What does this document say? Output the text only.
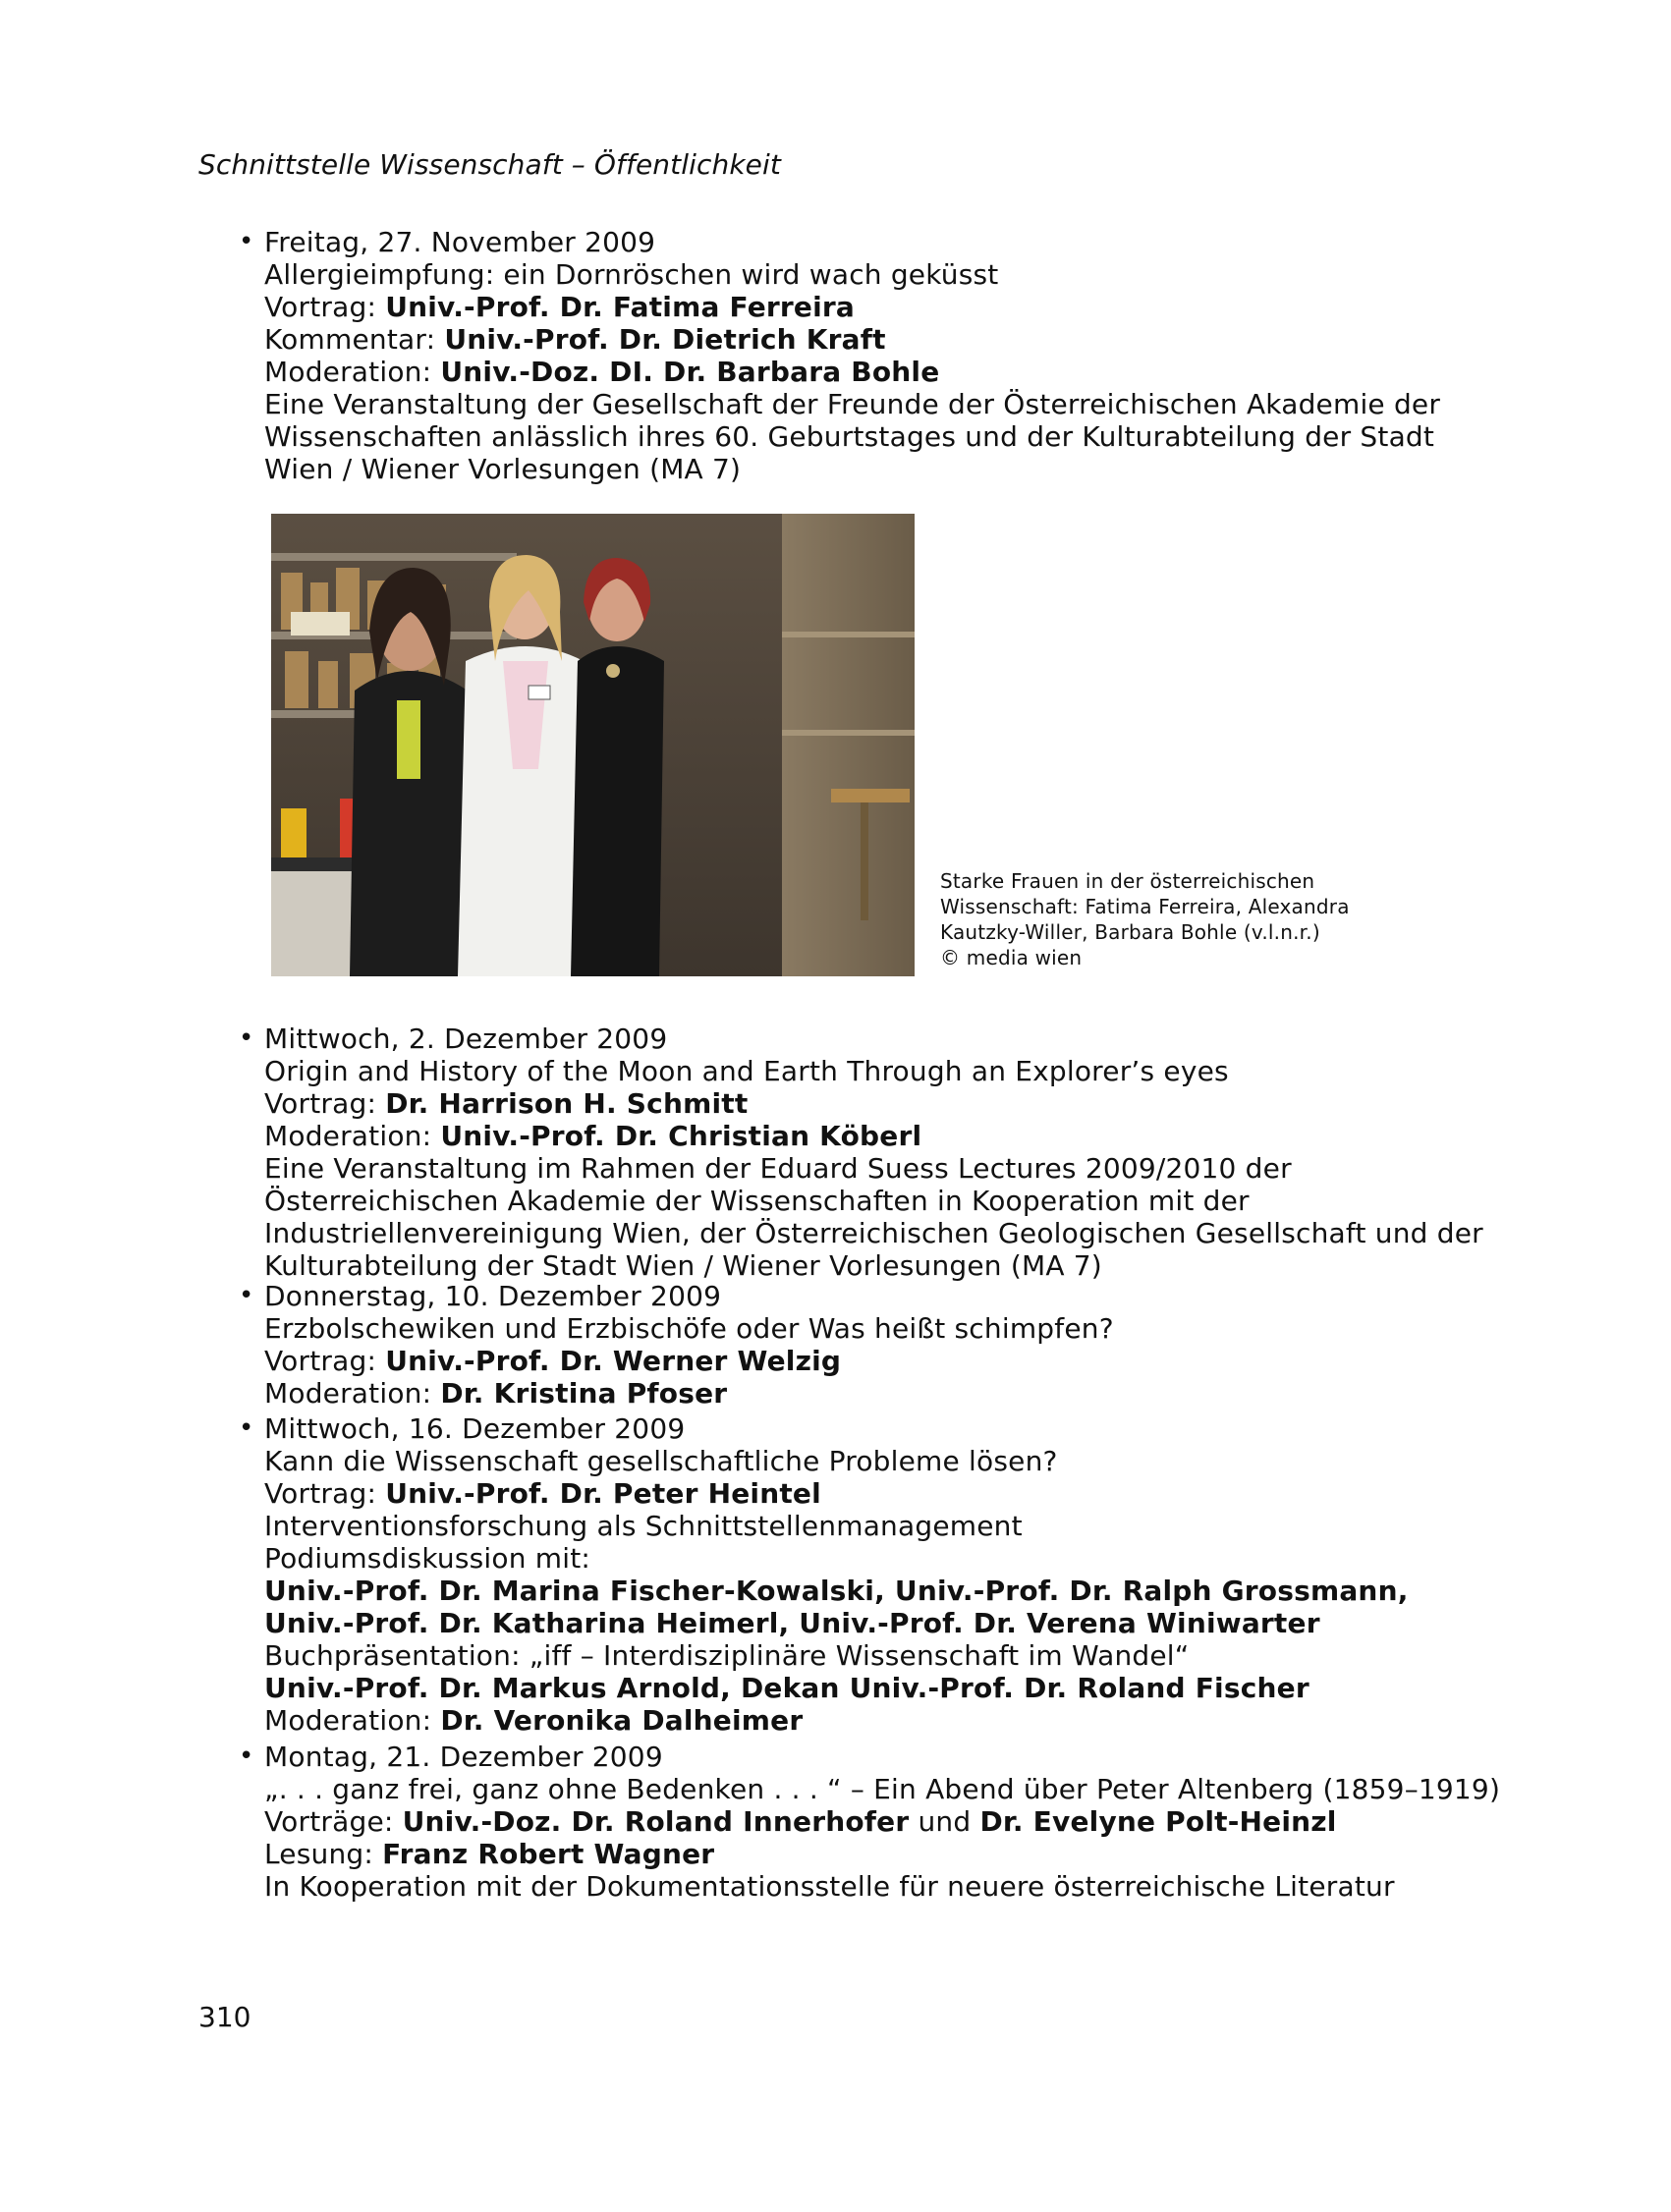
Schnittstelle Wissenschaft – Öffentlichkeit
• Freitag, 27. November 2009
Allergieimpfung: ein Dornröschen wird wach geküsst
Vortrag: Univ.-Prof. Dr. Fatima Ferreira
Kommentar: Univ.-Prof. Dr. Dietrich Kraft
Moderation: Univ.-Doz. DI. Dr. Barbara Bohle
Eine Veranstaltung der Gesellschaft der Freunde der Österreichischen Akademie der
Wissenschaften anlässlich ihres 60. Geburtstages und der Kulturabteilung der Stadt
Wien / Wiener Vorlesungen (MA 7)
Starke Frauen in der österreichischen
Wissenschaft: Fatima Ferreira, Alexandra
Kautzky-Willer, Barbara Bohle (v.l.n.r.)
© media wien
• Mittwoch, 2. Dezember 2009
Origin and History of the Moon and Earth Through an Explorer’s eyes
Vortrag: Dr. Harrison H. Schmitt
Moderation: Univ.-Prof. Dr. Christian Köberl
Eine Veranstaltung im Rahmen der Eduard Suess Lectures 2009/2010 der
Österreichischen Akademie der Wissenschaften in Kooperation mit der
Industriellenvereinigung Wien, der Österreichischen Geologischen Gesellschaft und der
Kulturabteilung der Stadt Wien / Wiener Vorlesungen (MA 7)
• Donnerstag, 10. Dezember 2009
Erzbolschewiken und Erzbischöfe oder Was heißt schimpfen?
Vortrag: Univ.-Prof. Dr. Werner Welzig
Moderation: Dr. Kristina Pfoser
• Mittwoch, 16. Dezember 2009
Kann die Wissenschaft gesellschaftliche Probleme lösen?
Vortrag: Univ.-Prof. Dr. Peter Heintel
Interventionsforschung als Schnittstellenmanagement
Podiumsdiskussion mit:
Univ.-Prof. Dr. Marina Fischer-Kowalski, Univ.-Prof. Dr. Ralph Grossmann,
Univ.-Prof. Dr. Katharina Heimerl, Univ.-Prof. Dr. Verena Winiwarter
Buchpräsentation: „iff – Interdisziplinäre Wissenschaft im Wandel“
Univ.-Prof. Dr. Markus Arnold, Dekan Univ.-Prof. Dr. Roland Fischer
Moderation: Dr. Veronika Dalheimer
• Montag, 21. Dezember 2009
„. . . ganz frei, ganz ohne Bedenken . . . “ – Ein Abend über Peter Altenberg (1859–1919)
Vorträge: Univ.-Doz. Dr. Roland Innerhofer und Dr. Evelyne Polt-Heinzl
Lesung: Franz Robert Wagner
In Kooperation mit der Dokumentationsstelle für neuere österreichische Literatur
310
